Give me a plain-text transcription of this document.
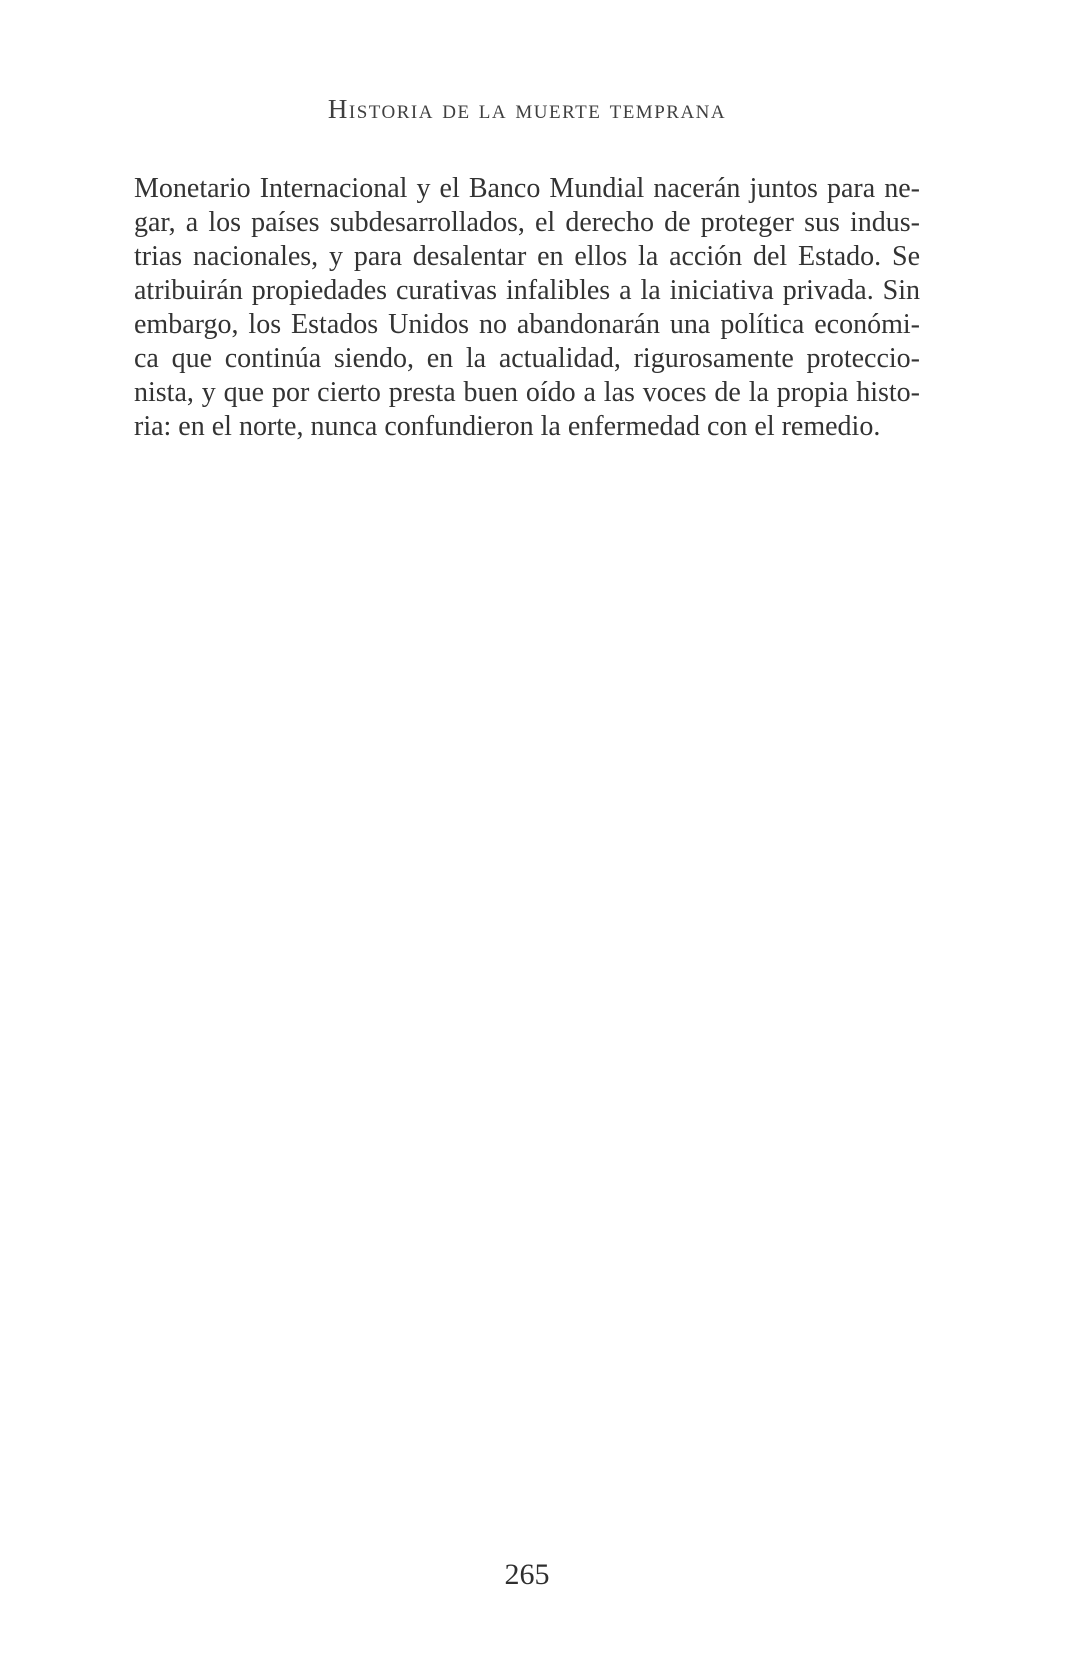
Historia de la muerte temprana
Monetario Internacional y el Banco Mundial nacerán juntos para ne-
gar, a los países subdesarrollados, el derecho de proteger sus indus-
trias nacionales, y para desalentar en ellos la acción del Estado. Se
atribuirán propiedades curativas infalibles a la iniciativa privada. Sin
embargo, los Estados Unidos no abandonarán una política económi-
ca que continúa siendo, en la actualidad, rigurosamente proteccio-
nista, y que por cierto presta buen oído a las voces de la propia histo-
ria: en el norte, nunca confundieron la enfermedad con el remedio.
265
